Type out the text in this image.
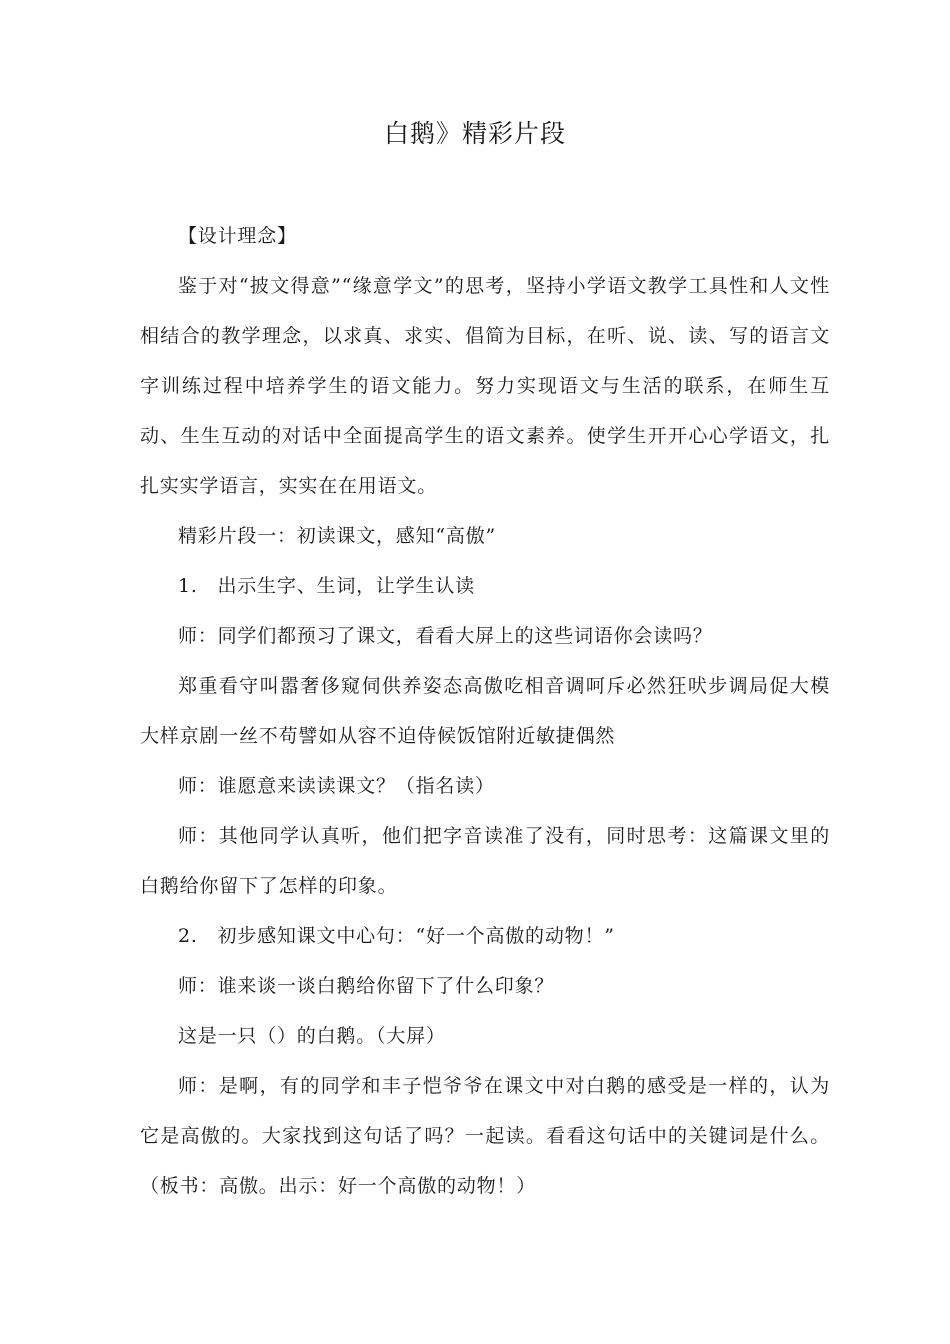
白鹅》精彩片段

【设计理念】

鉴于对“披文得意”“缘意学文”的思考，坚持小学语文教学工具性和人文性相结合的教学理念，以求真、求实、倡简为目标，在听、说、读、写的语言文字训练过程中培养学生的语文能力。努力实现语文与生活的联系，在师生互动、生生互动的对话中全面提高学生的语文素养。使学生开开心心学语文，扎扎实实学语言，实实在在用语文。

精彩片段一：初读课文，感知“高傲”

1.　出示生字、生词，让学生认读

师：同学们都预习了课文，看看大屏上的这些词语你会读吗？

郑重看守叫嚣奢侈窥伺供养姿态高傲吃相音调呵斥必然狂吠步调局促大模大样京剧一丝不苟譬如从容不迫侍候饭馆附近敏捷偶然

师：谁愿意来读读课文？（指名读）

师：其他同学认真听，他们把字音读准了没有，同时思考：这篇课文里的白鹅给你留下了怎样的印象。

2.　初步感知课文中心句：“好一个高傲的动物！”

师：谁来谈一谈白鹅给你留下了什么印象？

这是一只（）的白鹅。（大屏）

师：是啊，有的同学和丰子恺爷爷在课文中对白鹅的感受是一样的，认为它是高傲的。大家找到这句话了吗？一起读。看看这句话中的关键词是什么。（板书：高傲。出示：好一个高傲的动物！）
